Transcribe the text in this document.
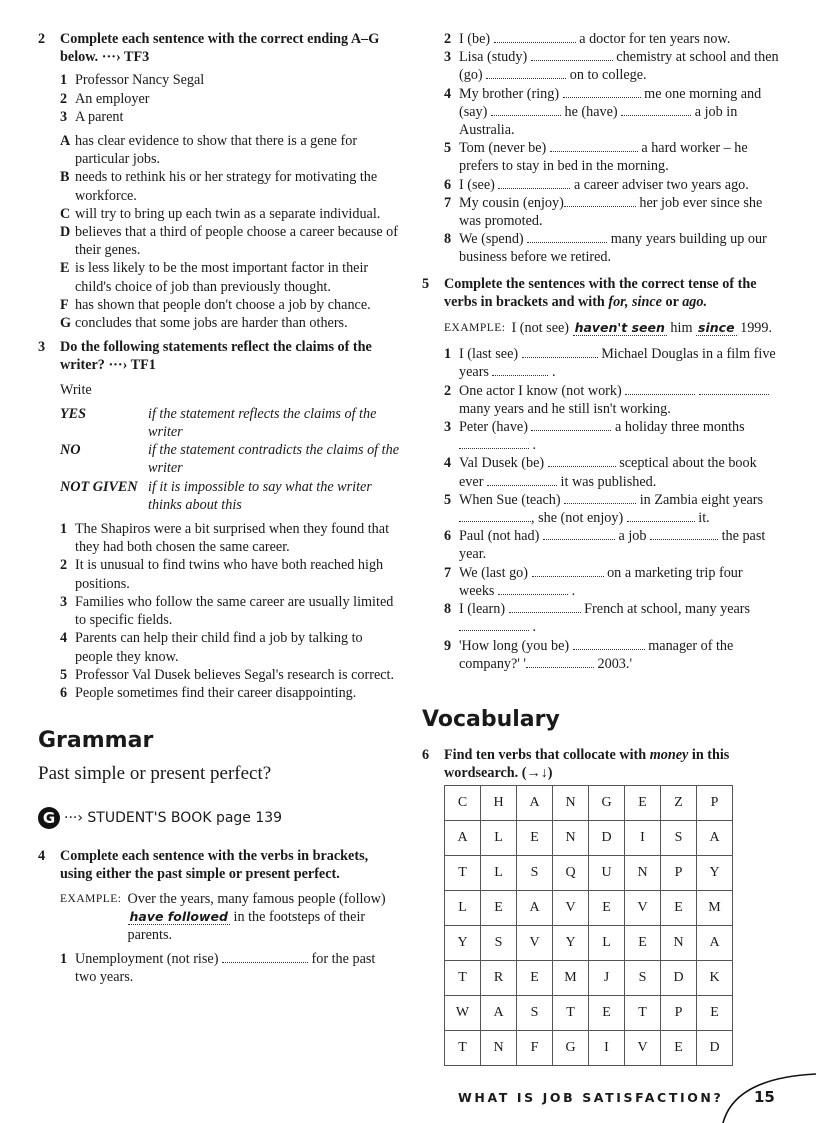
2	Complete each sentence with the correct ending A–G below. ···› TF3
1 Professor Nancy Segal
2 An employer
3 A parent
A has clear evidence to show that there is a gene for particular jobs.
B needs to rethink his or her strategy for motivating the workforce.
C will try to bring up each twin as a separate individual.
D believes that a third of people choose a career because of their genes.
E is less likely to be the most important factor in their child's choice of job than previously thought.
F has shown that people don't choose a job by chance.
G concludes that some jobs are harder than others.
3	Do the following statements reflect the claims of the writer? ···› TF1
Write
YES	if the statement reflects the claims of the writer
NO	if the statement contradicts the claims of the writer
NOT GIVEN if it is impossible to say what the writer thinks about this
1 The Shapiros were a bit surprised when they found that they had both chosen the same career.
2 It is unusual to find twins who have both reached high positions.
3 Families who follow the same career are usually limited to specific fields.
4 Parents can help their child find a job by talking to people they know.
5 Professor Val Dusek believes Segal's research is correct.
6 People sometimes find their career disappointing.
Grammar
Past simple or present perfect?
G ···› STUDENT'S BOOK page 139
4	Complete each sentence with the verbs in brackets, using either the past simple or present perfect.
EXAMPLE: Over the years, many famous people (follow) have followed in the footsteps of their parents.
1 Unemployment (not rise)	for the past two years.
2 I (be)	a doctor for ten years now.
3 Lisa (study)	chemistry at school and then (go)	on to college.
4 My brother (ring)	me one morning and (say)	he (have)	a job in Australia.
5 Tom (never be)	a hard worker – he prefers to stay in bed in the morning.
6 I (see)	a career adviser two years ago.
7 My cousin (enjoy)	her job ever since she was promoted.
8 We (spend)	many years building up our business before we retired.
5	Complete the sentences with the correct tense of the verbs in brackets and with for, since or ago.
EXAMPLE: I (not see) haven't seen him since 1999.
1 I (last see)	Michael Douglas in a film five years	.
2 One actor I know (not work)   many years and he still isn't working.
3 Peter (have)	a holiday three months  .
4 Val Dusek (be)	sceptical about the book ever	it was published.
5 When Sue (teach)	in Zambia eight years , she (not enjoy)	it.
6 Paul (not had)	a job	the past year.
7 We (last go)	on a marketing trip four weeks	.
8 I (learn)	French at school, many years  .
9 'How long (you be)	manager of the company?' '	2003.'
Vocabulary
6	Find ten verbs that collocate with money in this wordsearch. (→↓)
C	H	A	N	G	E	Z	P
A	L	E	N	D	I	S	A
T	L	S	Q	U	N	P	Y
L	E	A	V	E	V	E	M
Y	S	V	Y	L	E	N	A
T	R	E	M	J	S	D	K
W	A	S	T	E	T	P	E
T	N	F	G	I	V	E	D
WHAT IS JOB SATISFACTION? 15
